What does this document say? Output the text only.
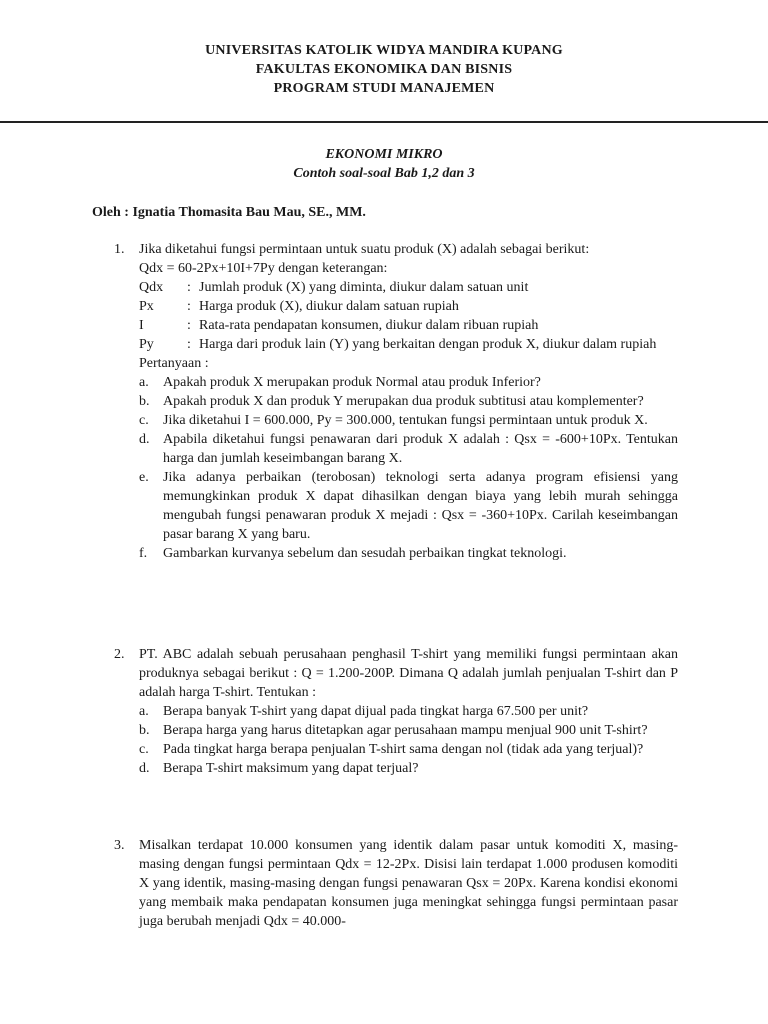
UNIVERSITAS KATOLIK WIDYA MANDIRA KUPANG
FAKULTAS EKONOMIKA DAN BISNIS
PROGRAM STUDI MANAJEMEN
EKONOMI MIKRO
Contoh soal-soal Bab 1,2 dan 3
Oleh : Ignatia Thomasita Bau Mau, SE., MM.
1. Jika diketahui fungsi permintaan untuk suatu produk (X) adalah sebagai berikut:
Qdx = 60-2Px+10I+7Py dengan keterangan:
Qdx	: Jumlah produk (X) yang diminta, diukur dalam satuan unit
Px	: Harga produk (X), diukur dalam satuan rupiah
I	: Rata-rata pendapatan konsumen, diukur dalam ribuan rupiah
Py	: Harga dari produk lain (Y) yang berkaitan dengan produk X, diukur dalam rupiah
Pertanyaan :
a.	Apakah produk X merupakan produk Normal atau produk Inferior?
b. Apakah produk X dan produk Y merupakan dua produk subtitusi atau komplementer?
c.	Jika diketahui I = 600.000, Py = 300.000, tentukan fungsi permintaan untuk produk X.
d. Apabila diketahui fungsi penawaran dari produk X adalah : Qsx = -600+10Px. Tentukan harga dan jumlah keseimbangan barang X.
e.	Jika adanya perbaikan (terobosan) teknologi serta adanya program efisiensi yang memungkinkan produk X dapat dihasilkan dengan biaya yang lebih murah sehingga mengubah fungsi penawaran produk X mejadi : Qsx = -360+10Px. Carilah keseimbangan pasar barang X yang baru.
f.	Gambarkan kurvanya sebelum dan sesudah perbaikan tingkat teknologi.
2. PT. ABC adalah sebuah perusahaan penghasil T-shirt yang memiliki fungsi permintaan akan produknya sebagai berikut : Q = 1.200-200P. Dimana Q adalah jumlah penjualan T-shirt dan P adalah harga T-shirt. Tentukan :
a.	Berapa banyak T-shirt yang dapat dijual pada tingkat harga 67.500 per unit?
b. Berapa harga yang harus ditetapkan agar perusahaan mampu menjual 900 unit T-shirt?
c.	Pada tingkat harga berapa penjualan T-shirt sama dengan nol (tidak ada yang terjual)?
d. Berapa T-shirt maksimum yang dapat terjual?
3. Misalkan terdapat 10.000 konsumen yang identik dalam pasar untuk komoditi X, masing-masing dengan fungsi permintaan Qdx = 12-2Px. Disisi lain terdapat 1.000 produsen komoditi X yang identik, masing-masing dengan fungsi penawaran Qsx = 20Px. Karena kondisi ekonomi yang membaik maka pendapatan konsumen juga meningkat sehingga fungsi permintaan pasar juga berubah menjadi Qdx = 40.000-
